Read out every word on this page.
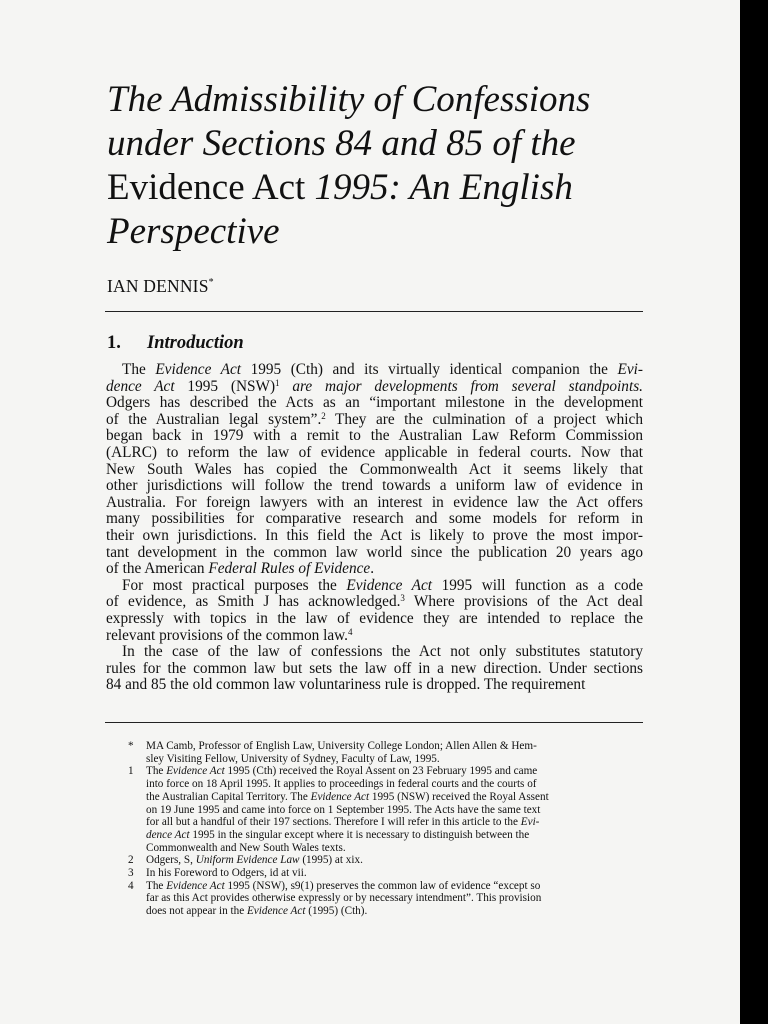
The Admissibility of Confessions
under Sections 84 and 85 of the
Evidence Act 1995: An English
Perspective

IAN DENNIS*

1. Introduction
The Evidence Act 1995 (Cth) and its virtually identical companion the Evi-
dence Act 1995 (NSW)$^1$ are major developments from several standpoints.
Odgers has described the Acts as an “important milestone in the development
of the Australian legal system”.$^2$ They are the culmination of a project which
began back in 1979 with a remit to the Australian Law Reform Commission
(ALRC) to reform the law of evidence applicable in federal courts. Now that
New South Wales has copied the Commonwealth Act it seems likely that
other jurisdictions will follow the trend towards a uniform law of evidence in
Australia. For foreign lawyers with an interest in evidence law the Act offers
many possibilities for comparative research and some models for reform in
their own jurisdictions. In this field the Act is likely to prove the most impor-
tant development in the common law world since the publication 20 years ago
of the American Federal Rules of Evidence.
For most practical purposes the Evidence Act 1995 will function as a code
of evidence, as Smith J has acknowledged.$^3$ Where provisions of the Act deal
expressly with topics in the law of evidence they are intended to replace the
relevant provisions of the common law.$^4$
In the case of the law of confessions the Act not only substitutes statutory
rules for the common law but sets the law off in a new direction. Under sections
84 and 85 the old common law voluntariness rule is dropped. The requirement
* MA Camb, Professor of English Law, University College London; Allen Allen & Hem-
sley Visiting Fellow, University of Sydney, Faculty of Law, 1995.
1 The Evidence Act 1995 (Cth) received the Royal Assent on 23 February 1995 and came
into force on 18 April 1995. It applies to proceedings in federal courts and the courts of
the Australian Capital Territory. The Evidence Act 1995 (NSW) received the Royal Assent
on 19 June 1995 and came into force on 1 September 1995. The Acts have the same text
for all but a handful of their 197 sections. Therefore I will refer in this article to the Evi-
dence Act 1995 in the singular except where it is necessary to distinguish between the
Commonwealth and New South Wales texts.
2 Odgers, S, Uniform Evidence Law (1995) at xix.
3 In his Foreword to Odgers, id at vii.
4 The Evidence Act 1995 (NSW), s9(1) preserves the common law of evidence “except so
far as this Act provides otherwise expressly or by necessary intendment”. This provision
does not appear in the Evidence Act (1995) (Cth).
